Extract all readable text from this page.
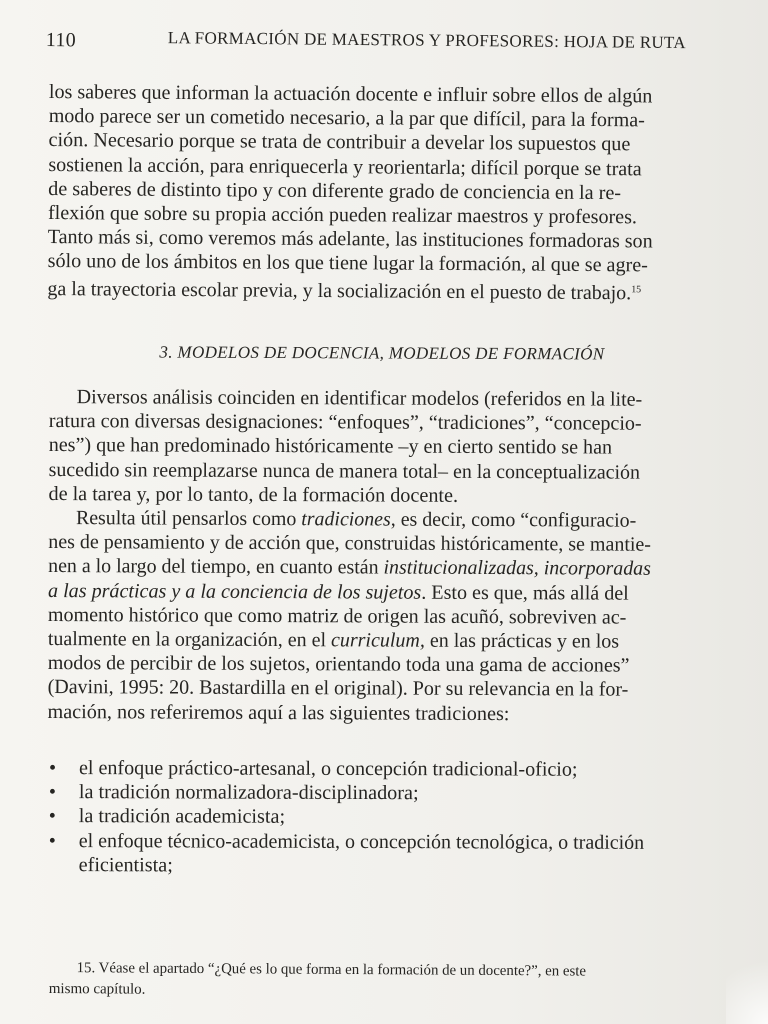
110	LA FORMACIÓN DE MAESTROS Y PROFESORES: HOJA DE RUTA
los saberes que informan la actuación docente e influir sobre ellos de algún
modo parece ser un cometido necesario, a la par que difícil, para la forma-
ción. Necesario porque se trata de contribuir a develar los supuestos que
sostienen la acción, para enriquecerla y reorientarla; difícil porque se trata
de saberes de distinto tipo y con diferente grado de conciencia en la re-
flexión que sobre su propia acción pueden realizar maestros y profesores.
Tanto más si, como veremos más adelante, las instituciones formadoras son
sólo uno de los ámbitos en los que tiene lugar la formación, al que se agre-
ga la trayectoria escolar previa, y la socialización en el puesto de trabajo.$^{15}$
3. MODELOS DE DOCENCIA, MODELOS DE FORMACIÓN
Diversos análisis coinciden en identificar modelos (referidos en la lite-
ratura con diversas designaciones: “enfoques”, “tradiciones”, “concepcio-
nes”) que han predominado históricamente –y en cierto sentido se han
sucedido sin reemplazarse nunca de manera total– en la conceptualización
de la tarea y, por lo tanto, de la formación docente.
Resulta útil pensarlos como tradiciones, es decir, como “configuracio-
nes de pensamiento y de acción que, construidas históricamente, se mantie-
nen a lo largo del tiempo, en cuanto están institucionalizadas, incorporadas
a las prácticas y a la conciencia de los sujetos. Esto es que, más allá del
momento histórico que como matriz de origen las acuñó, sobreviven ac-
tualmente en la organización, en el curriculum, en las prácticas y en los
modos de percibir de los sujetos, orientando toda una gama de acciones”
(Davini, 1995: 20. Bastardilla en el original). Por su relevancia en la for-
mación, nos referiremos aquí a las siguientes tradiciones:
•	el enfoque práctico-artesanal, o concepción tradicional-oficio;
•	la tradición normalizadora-disciplinadora;
•	la tradición academicista;
•	el enfoque técnico-academicista, o concepción tecnológica, o tradición
eficientista;
15. Véase el apartado “¿Qué es lo que forma en la formación de un docente?”, en este
mismo capítulo.
